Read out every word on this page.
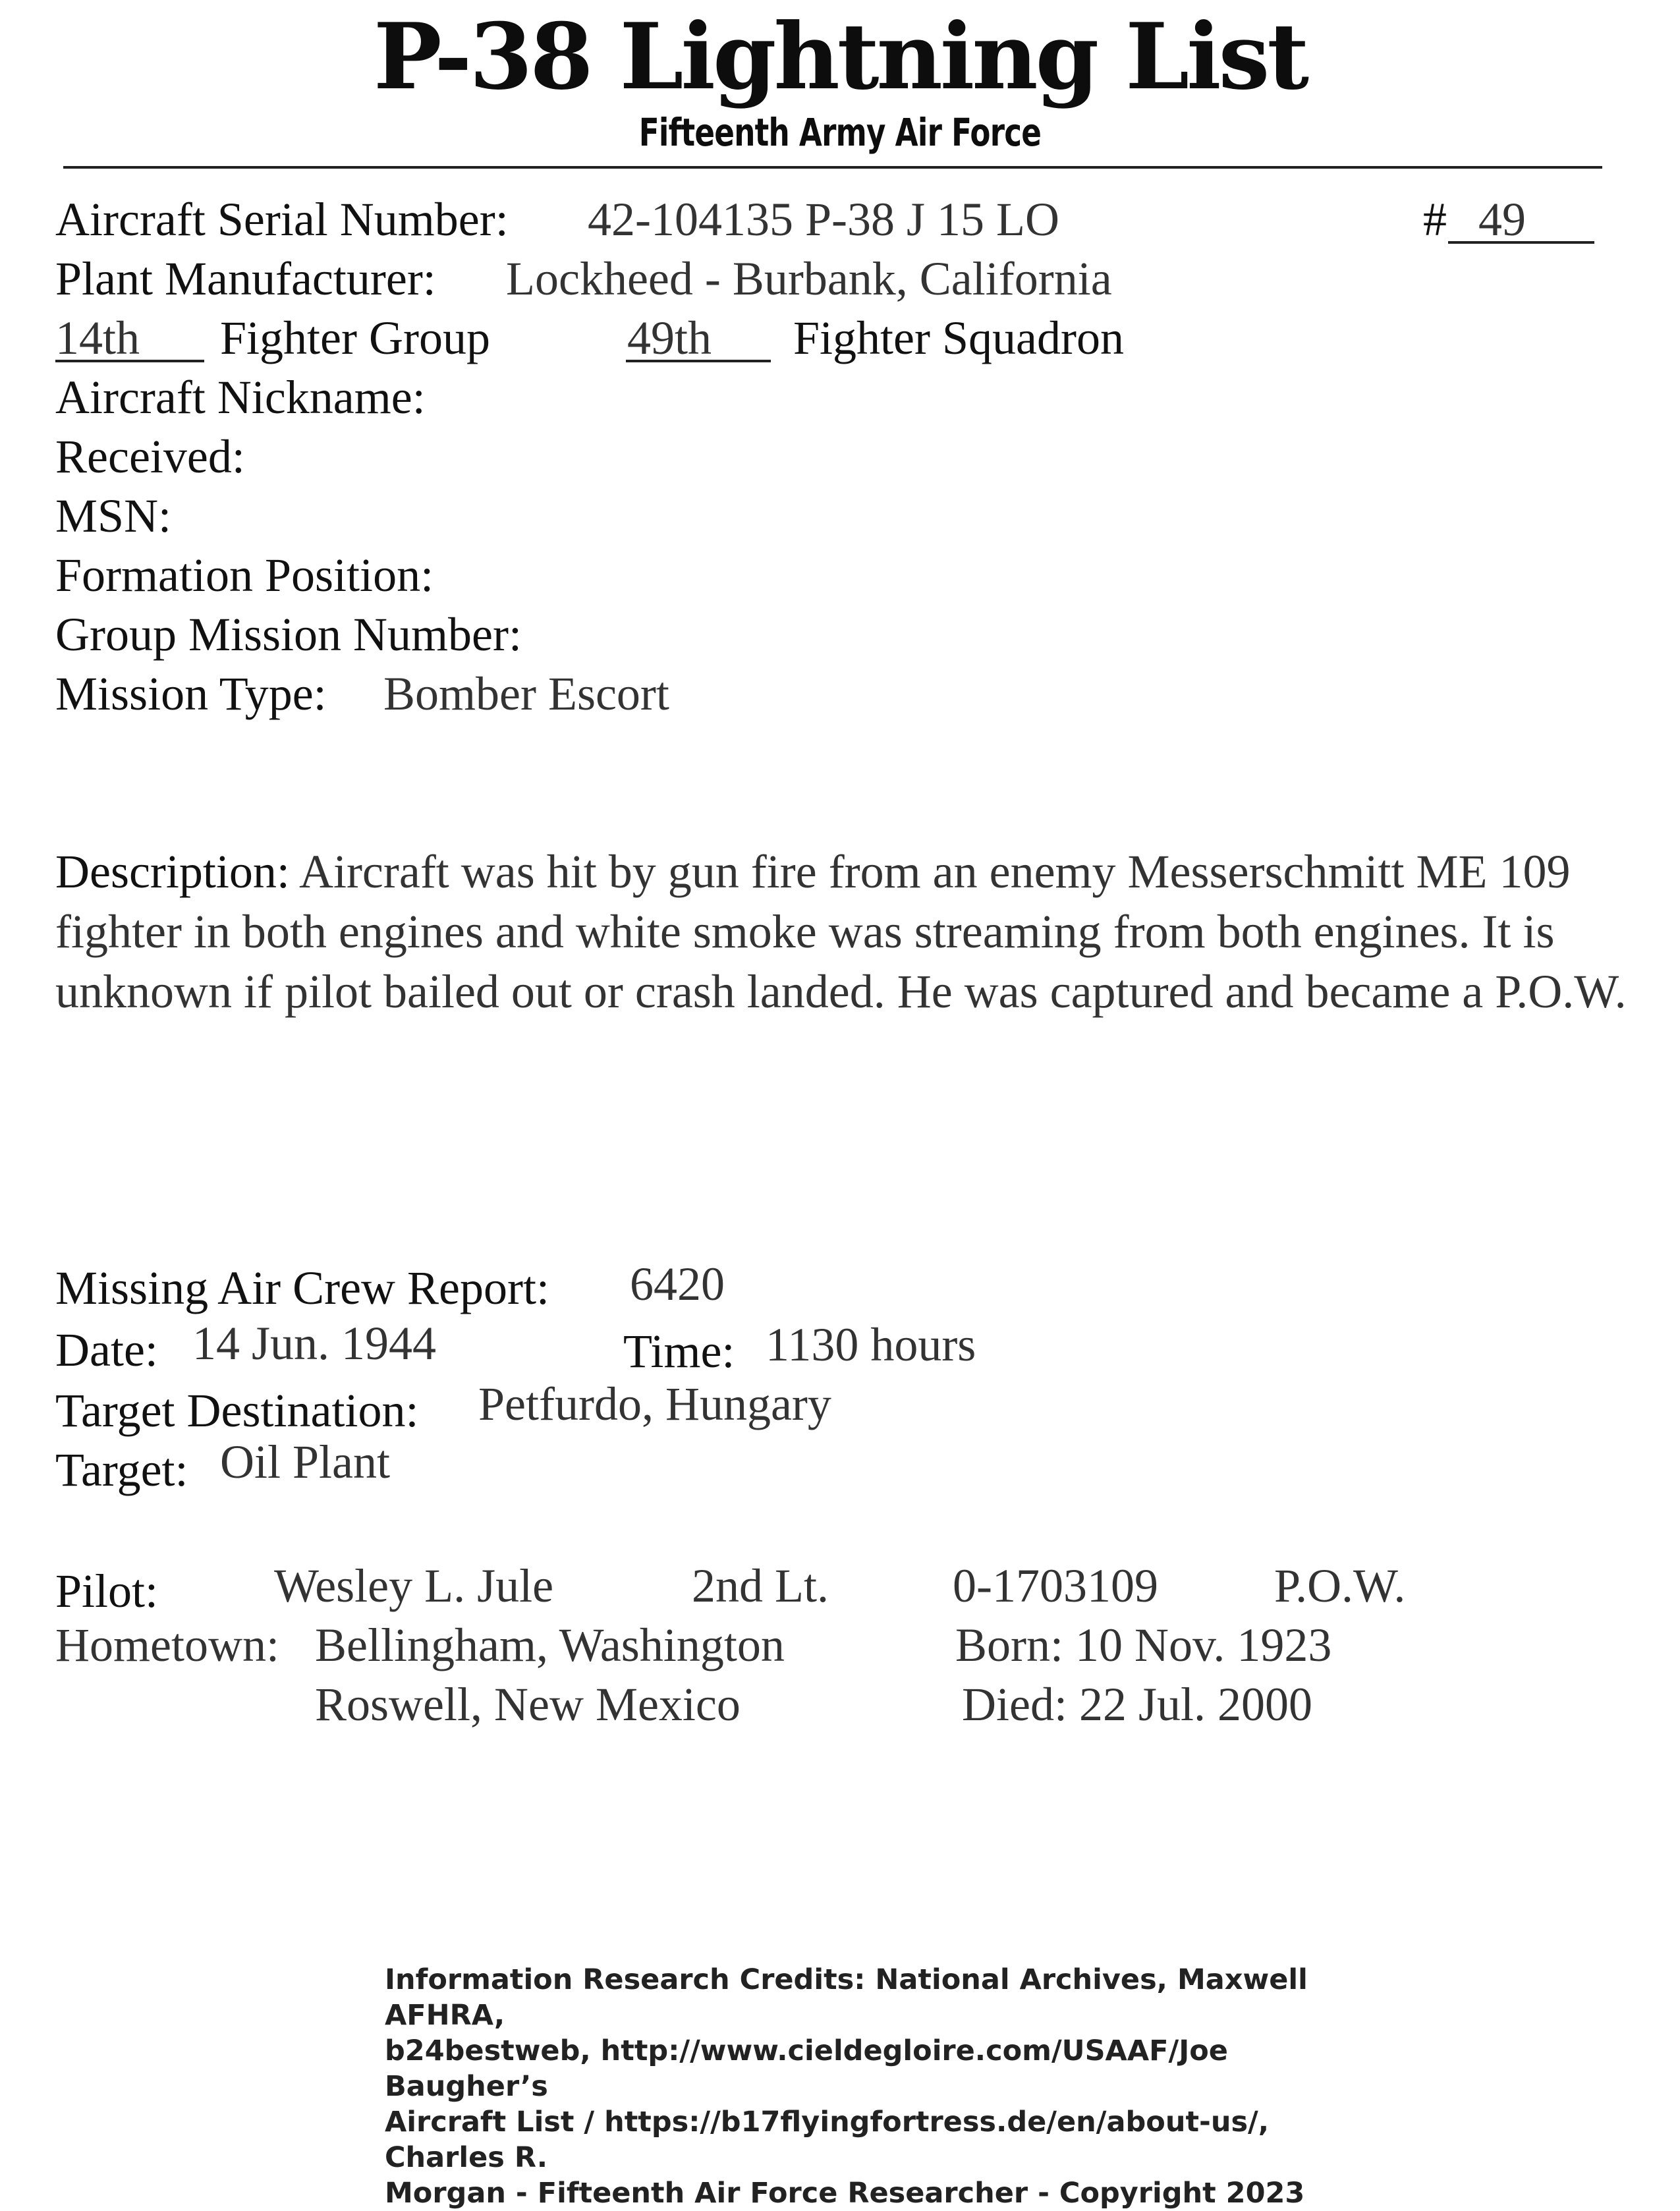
P-38 Lightning List
Fifteenth Army Air Force
Aircraft Serial Number: 42-104135 P-38 J 15 LO	# 49
Plant Manufacturer: Lockheed - Burbank, California
14th Fighter Group	49th Fighter Squadron
Aircraft Nickname:
Received:
MSN:
Formation Position:
Group Mission Number:
Mission Type: Bomber Escort
Description: Aircraft was hit by gun fire from an enemy Messerschmitt ME 109 fighter in both engines and white smoke was streaming from both engines. It is unknown if pilot bailed out or crash landed. He was captured and became a P.O.W.
Missing Air Crew Report: 6420
Date: 14 Jun. 1944	Time: 1130 hours
Target Destination: Petfurdo, Hungary
Target: Oil Plant
Pilot: Wesley L. Jule	2nd Lt.	0-1703109 P.O.W.
Hometown: Bellingham, Washington	Born: 10 Nov. 1923
Roswell, New Mexico	Died: 22 Jul. 2000
Information Research Credits: National Archives, Maxwell AFHRA,
b24bestweb, http://www.cieldegloire.com/USAAF/Joe Baugher’s
Aircraft List / https://b17flyingfortress.de/en/about-us/, Charles R.
Morgan - Fifteenth Air Force Researcher - Copyright 2023
